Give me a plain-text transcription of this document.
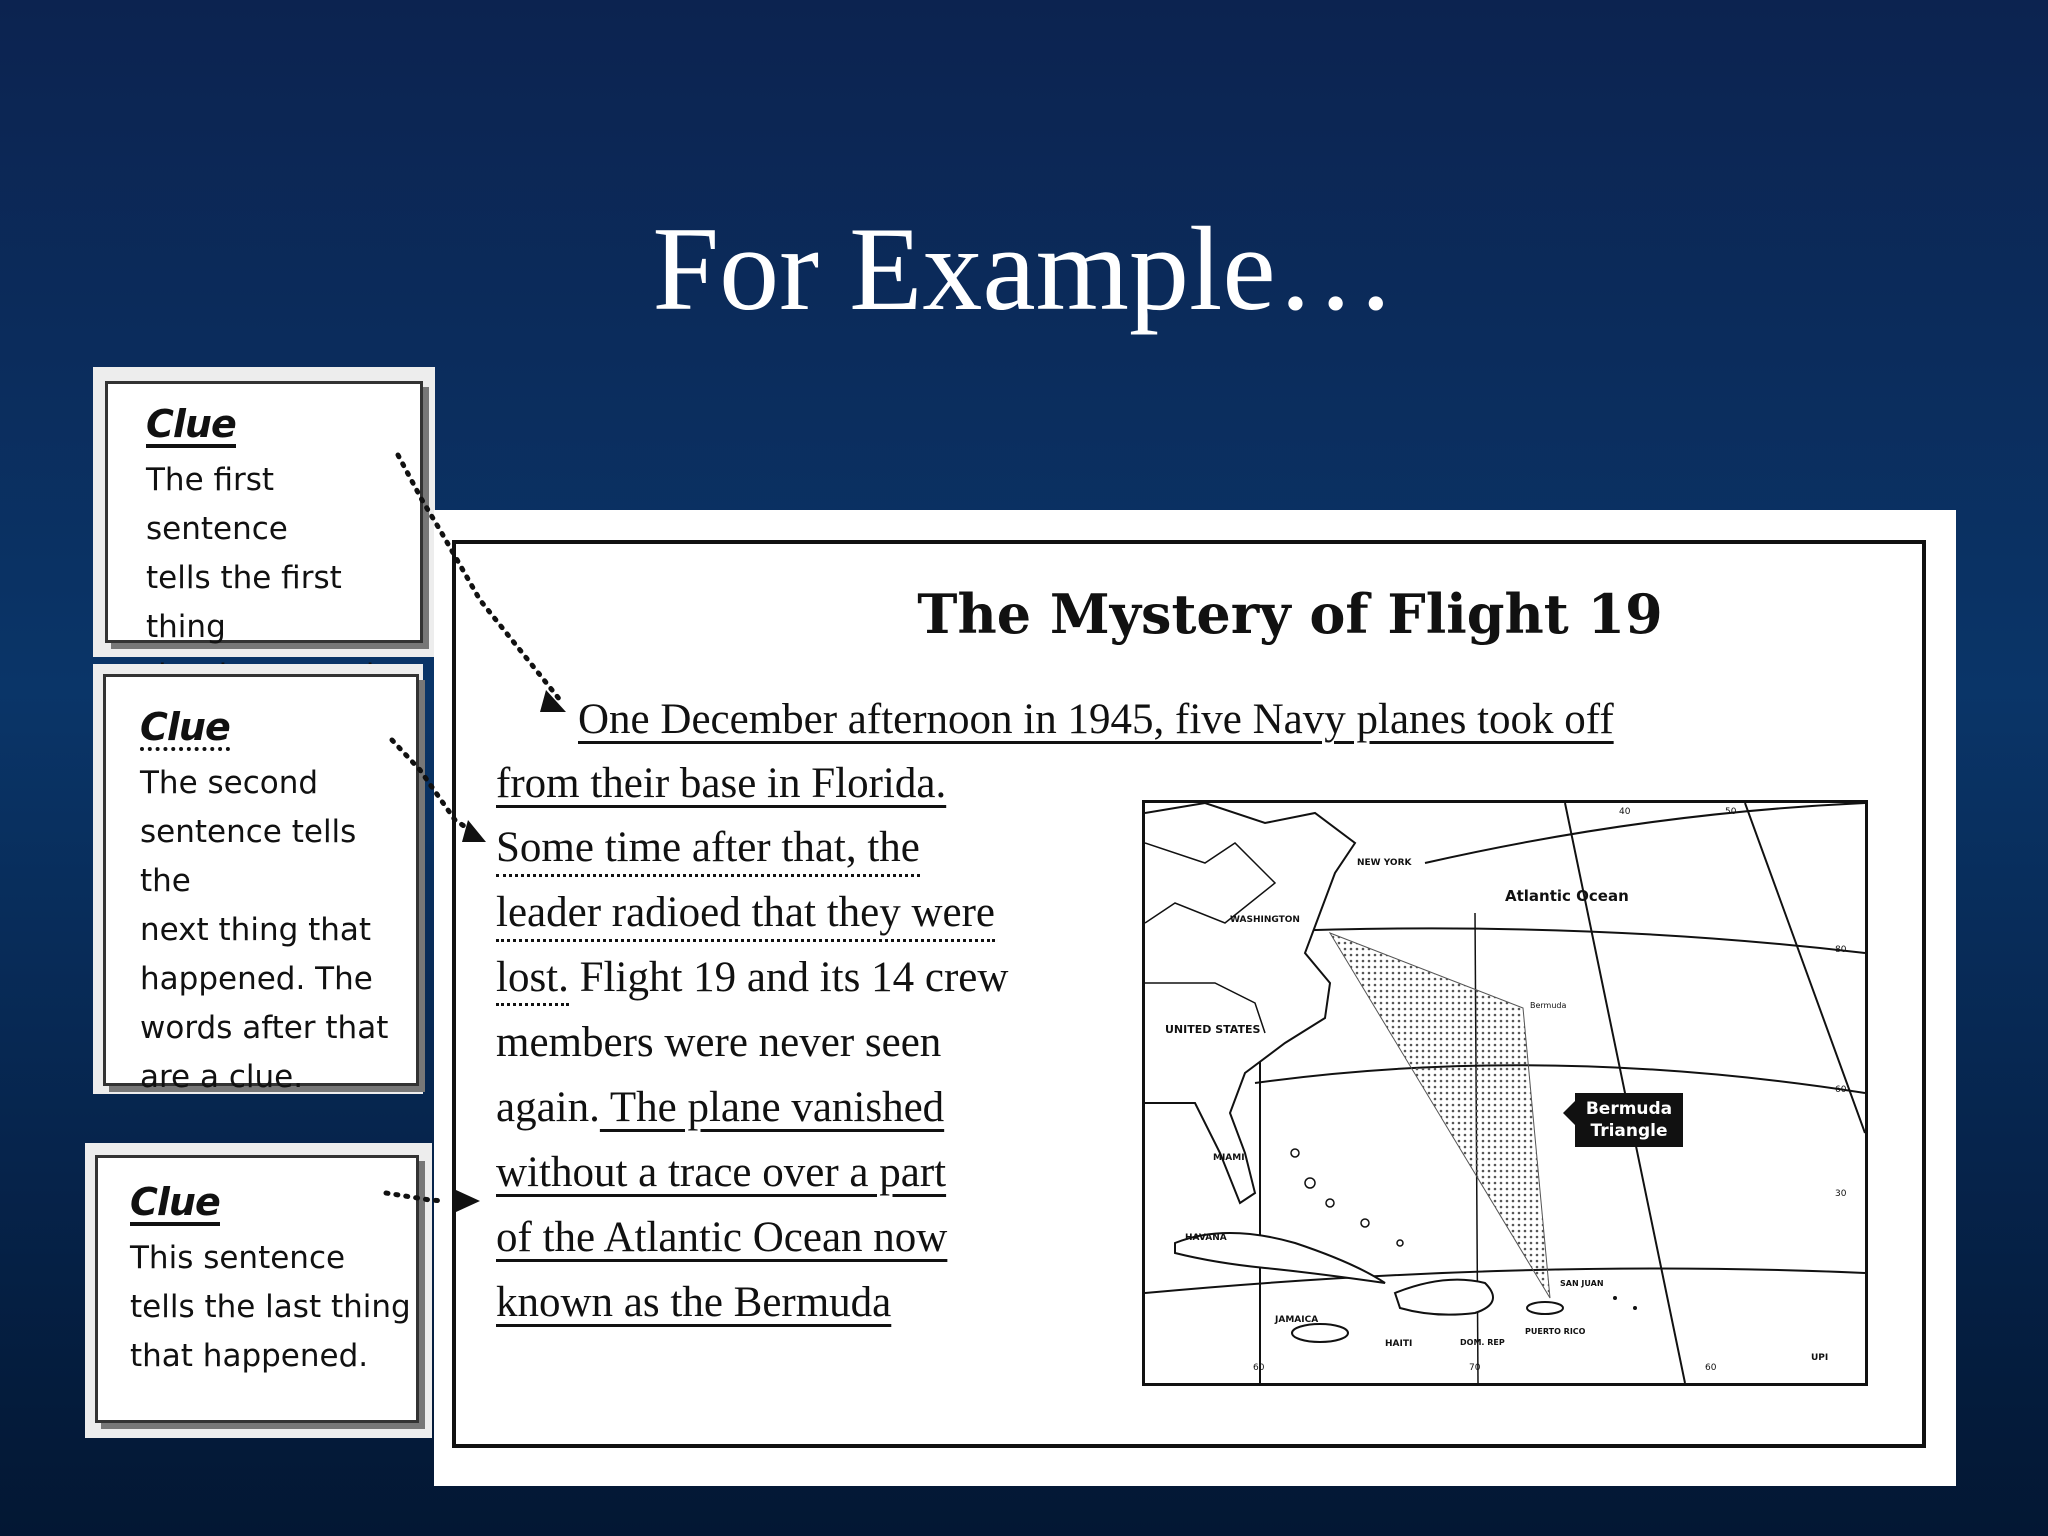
For Example…
Clue
The first sentence
tells the first thing

Clue
The second
sentence tells the
next thing that
happened. The
words after that
are a clue.
Clue
This sentence
tells the last thing
that happened.
The Mystery of Flight 19
One December afternoon in 1945, five Navy planes took off
from their base in Florida.
Some time after that, the
leader radioed that they were
lost. Flight 19 and its 14 crew
members were never seen
again. The plane vanished
without a trace over a part
of the Atlantic Ocean now
known as the Bermuda
Atlantic Ocean
NEW YORK
WASHINGTON
UNITED STATES
Bermuda
MIAMI
HAVANA
JAMAICA
HAITI	DOM. REP
PUERTO RICO
SAN JUAN
UPI
40	50
80
60
30
60	70	60
Bermuda
Triangle
